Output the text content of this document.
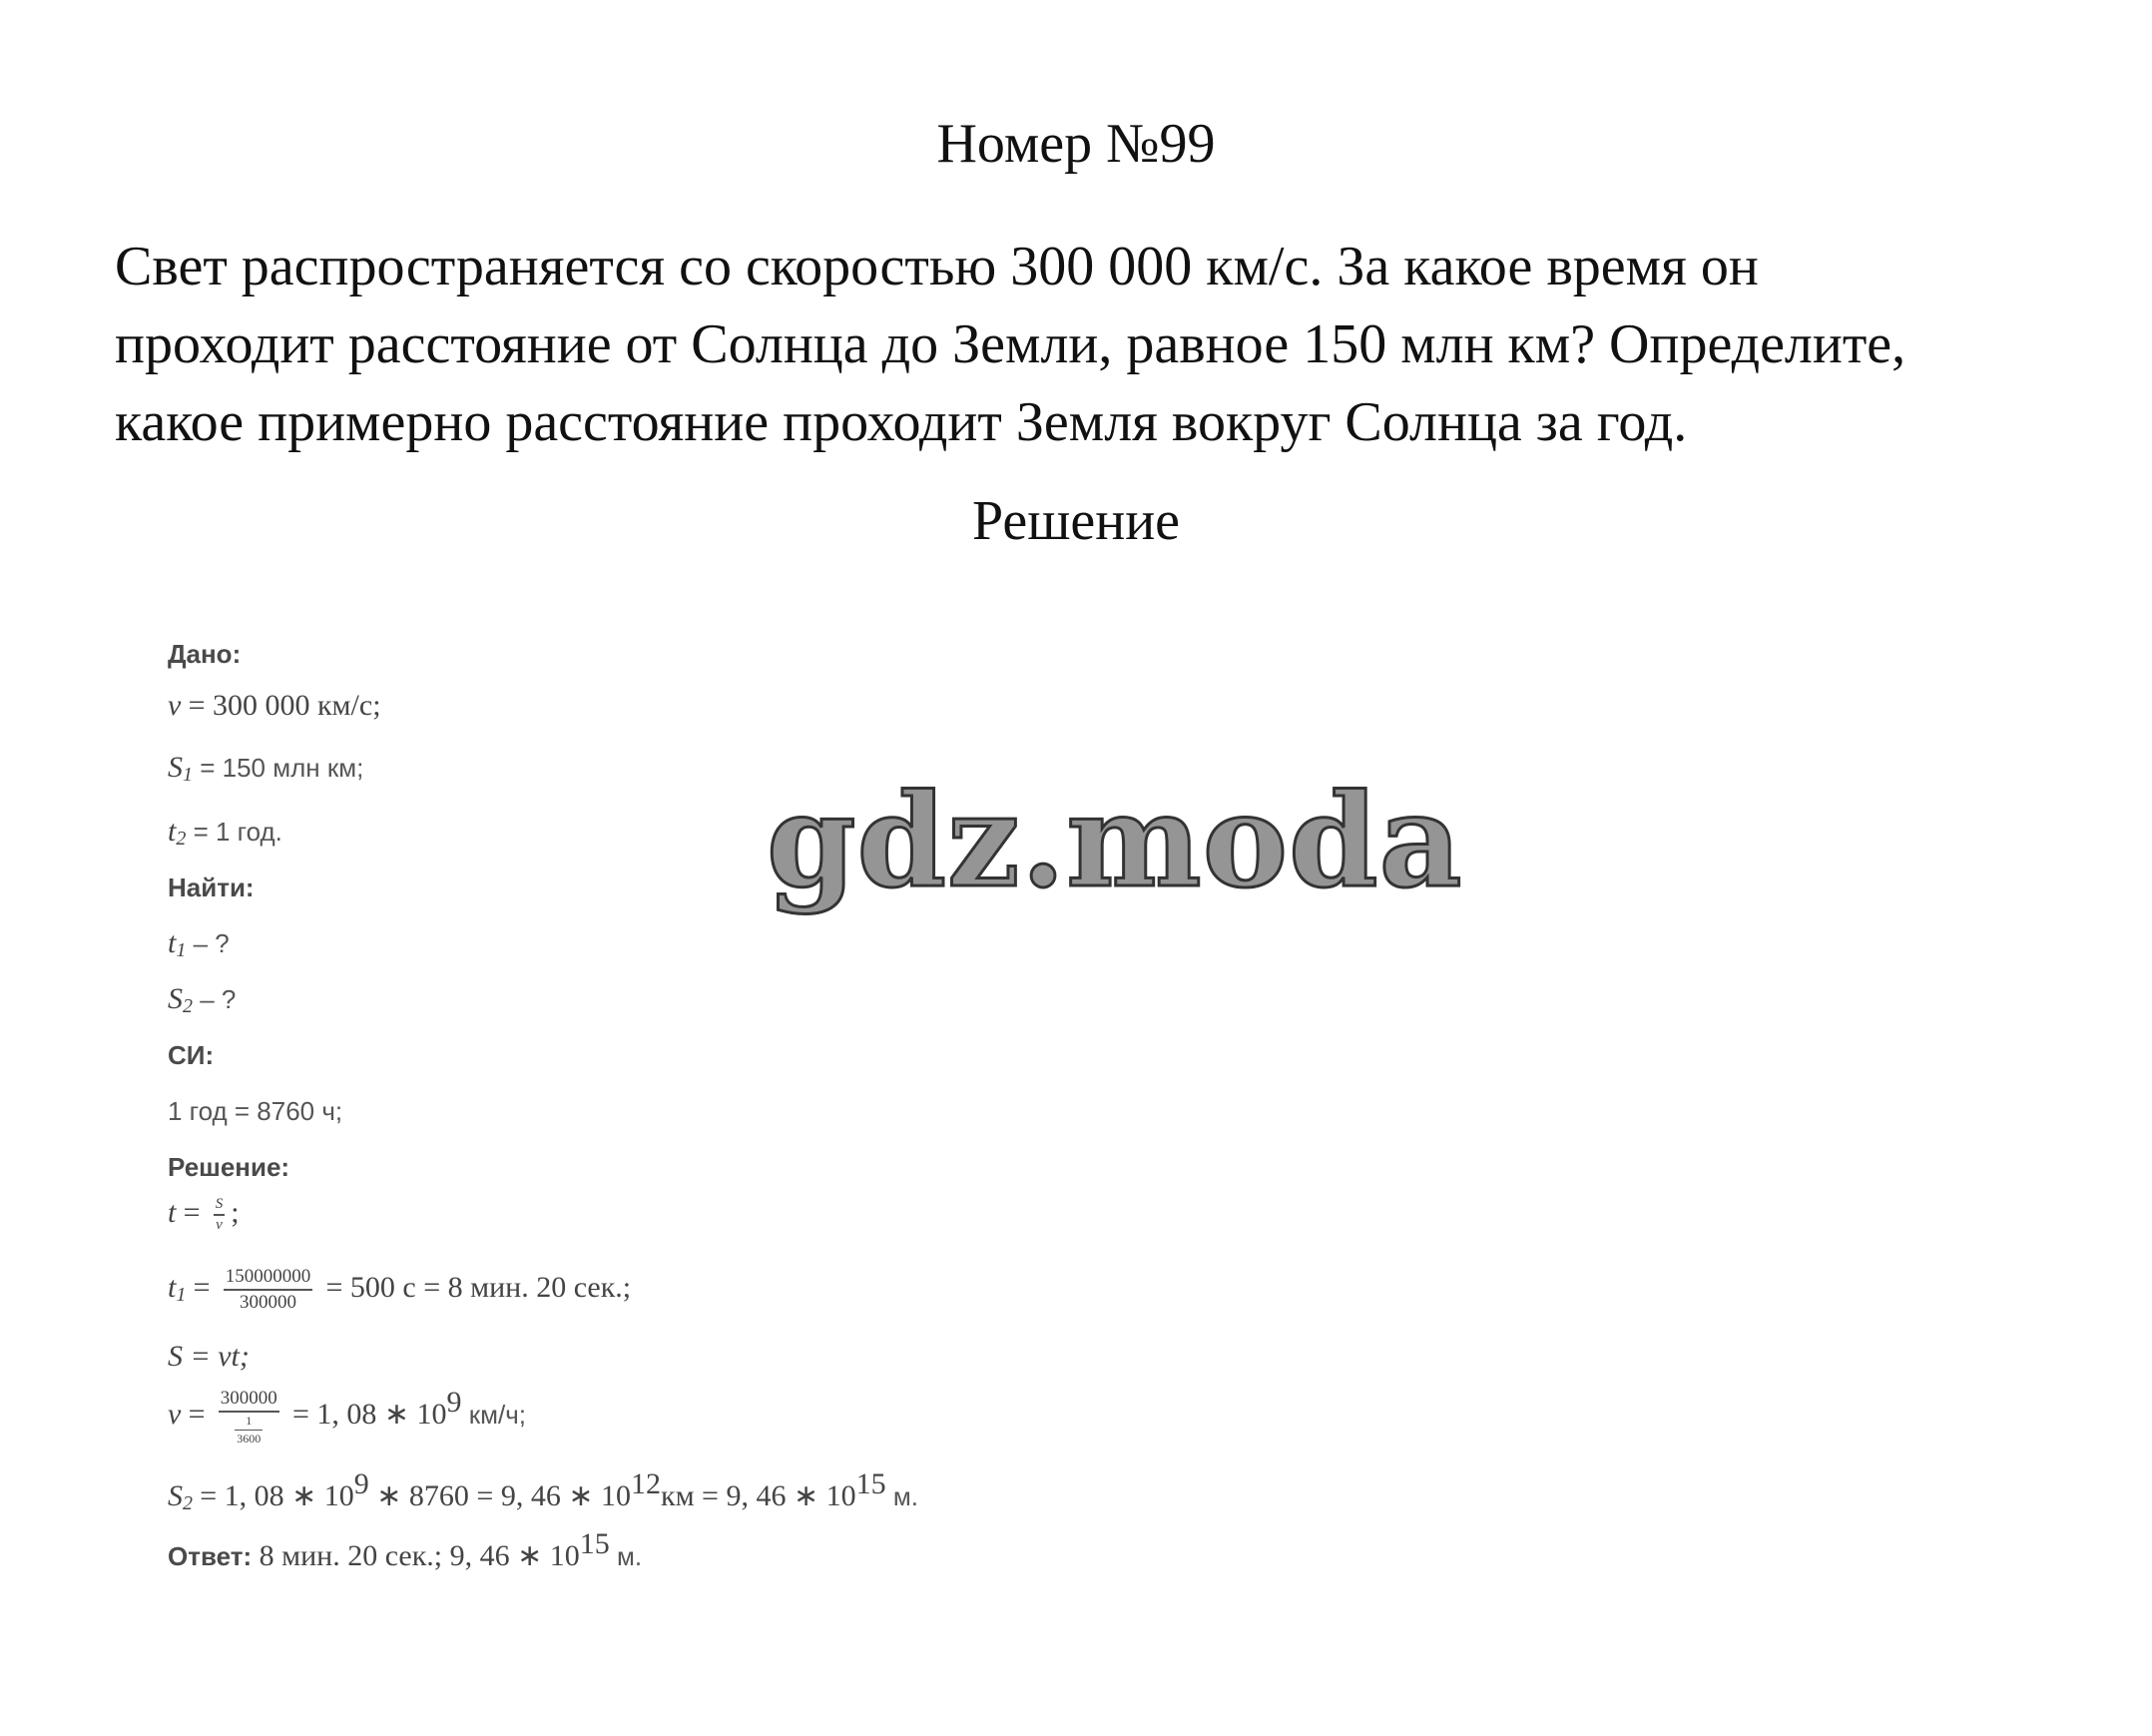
Номер №99
Свет распространяется со скоростью 300 000 км/с. За какое время он
проходит расстояние от Солнца до Земли, равное 150 млн км? Определите,
какое примерно расстояние проходит Земля вокруг Солнца за год.
Решение
Дано:
v = 300 000 км/с;
$S_1 = 150$ млн км;
$t_2 = 1$ год.
Найти:
$t_1$ – ?
$S_2$ – ?
СИ:
1 год = 8760 ч;
Решение:
$t = \frac{S}{v}$ ;
$t_1 = \frac{150000000}{300000} = 500$ с = 8 мин. 20 сек.;
S = vt;
v = 300000
1
3600 = 1, 08 ∗ $10^9$ км/ч;
$S_2 = 1$, 08 ∗ $10^9$ ∗ 8760 = 9, 46 ∗ $10^{12}км = 9$, 46 ∗ $10^{15}$ м.
Ответ: 8 мин. 20 сек.; 9, 46 ∗ $10^{15}$ м.
gdz.moda
